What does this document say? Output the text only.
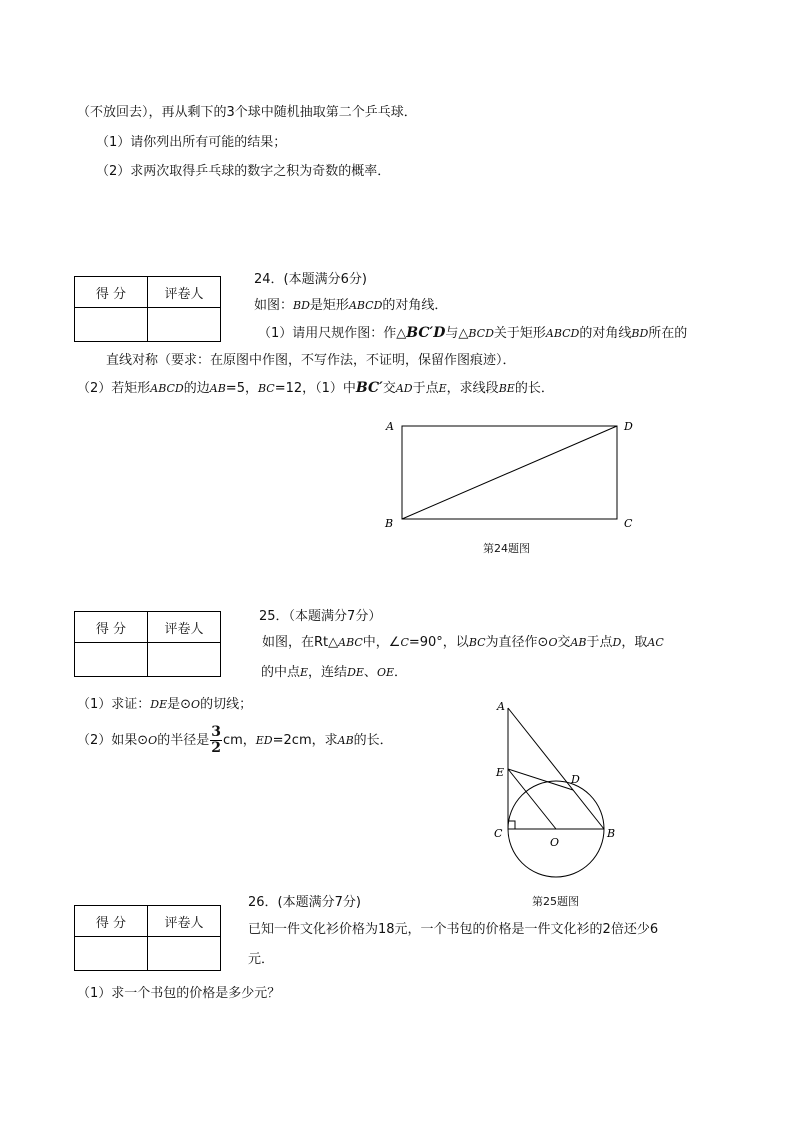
（不放回去），再从剩下的3个球中随机抽取第二个乒乓球．
（1）请你列出所有可能的结果；
（2）求两次取得乒乓球的数字之积为奇数的概率．
得 分	评卷人

24．(本题满分6分)
如图：BD是矩形ABCD的对角线．
（1）请用尺规作图：作△BC′D与△BCD关于矩形ABCD的对角线BD所在的
直线对称（要求：在原图中作图，不写作法，不证明，保留作图痕迹）．
（2）若矩形ABCD的边AB=5，BC=12，（1）中BC′交AD于点E，求线段BE的长．
A	D
B	C
第24题图
得 分	评卷人

25．（本题满分7分）
如图，在Rt△ABC中，∠C=90°，以BC为直径作⊙O交AB于点D，取AC
的中点E，连结DE、OE．
（1）求证：DE是⊙O的切线；
（2）如果⊙O的半径是 $\frac{3}{2}$ cm，ED=2cm，求AB的长．
A
E
D
C
O
B
第25题图
得 分	评卷人

26．(本题满分7分)
已知一件文化衫价格为18元，一个书包的价格是一件文化衫的2倍还少6
元．
（1）求一个书包的价格是多少元？
